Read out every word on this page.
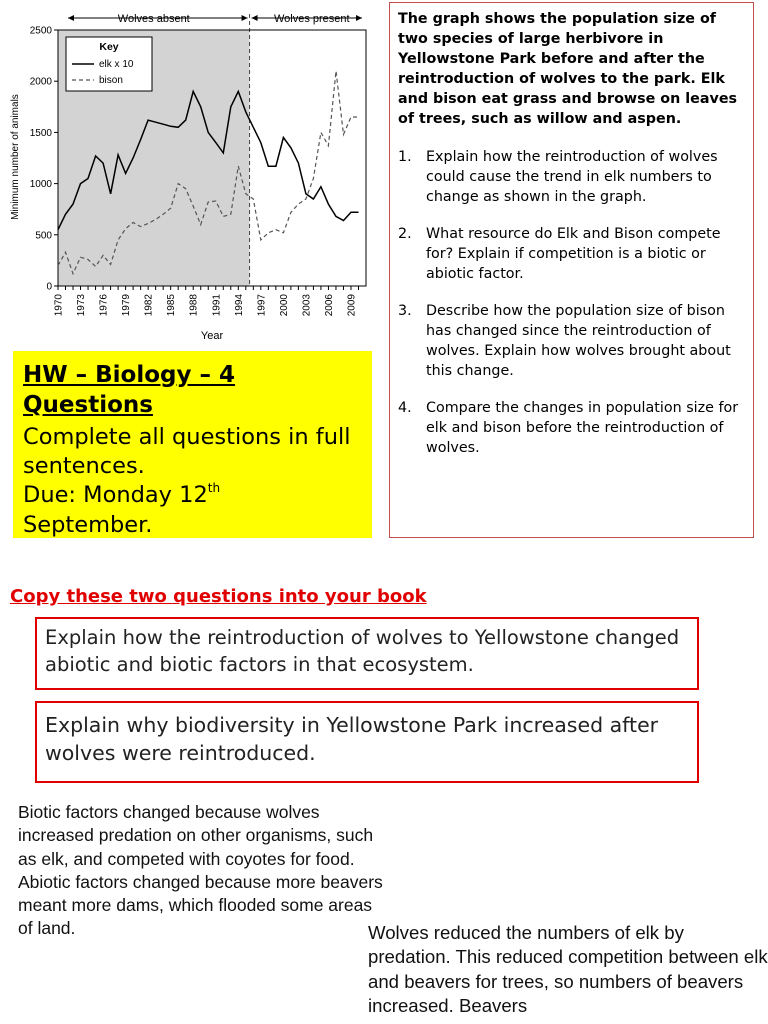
Wolves absent	Wolves present
0
500
1000
1500
2000
2500
1970 1973 1976 1979 1982 1985 1988 1991 1994 1997 2000 2003 2006 2009
Minimum number of animals
Year
Key
elk x 10
bison

The graph shows the population size of two species of large herbivore in Yellowstone Park before and after the reintroduction of wolves to the park. Elk and bison eat grass and browse on leaves of trees, such as willow and aspen.

1.	Explain how the reintroduction of wolves could cause the trend in elk numbers to change as shown in the graph.
2.	What resource do Elk and Bison compete for? Explain if competition is a biotic or abiotic factor.
3.	Describe how the population size of bison has changed since the reintroduction of wolves. Explain how wolves brought about this change.
4.	Compare the changes in population size for elk and bison before the reintroduction of wolves.
HW – Biology – 4 Questions

Complete all questions in full sentences.

Due: Monday 12th
September.

Copy these two questions into your book

Explain how the reintroduction of wolves to Yellowstone changed abiotic and biotic factors in that ecosystem.
Explain why biodiversity in Yellowstone Park increased after wolves were reintroduced.

Biotic factors changed because wolves increased predation on other organisms, such as elk, and competed with coyotes for food. Abiotic factors changed because more beavers meant more dams, which flooded some areas of land.	Wolves reduced the numbers of elk by predation. This reduced competition between elk and beavers for trees, so numbers of beavers increased. Beavers
